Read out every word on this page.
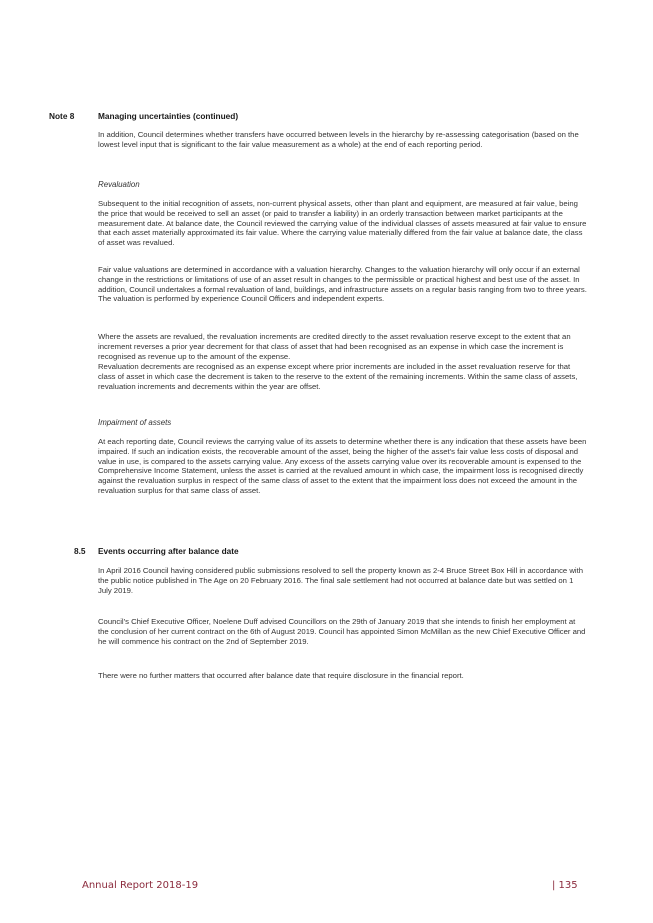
Note 8	Managing uncertainties (continued)

In addition, Council determines whether transfers have occurred between levels in the hierarchy by re-assessing categorisation (based on the lowest level input that is significant to the fair value measurement as a whole) at the end of each reporting period.

Revaluation

Subsequent to the initial recognition of assets, non-current physical assets, other than plant and equipment, are measured at fair value, being the price that would be received to sell an asset (or paid to transfer a liability) in an orderly transaction between market participants at the measurement date. At balance date, the Council reviewed the carrying value of the individual classes of assets measured at fair value to ensure that each asset materially approximated its fair value. Where the carrying value materially differed from the fair value at balance date, the class of asset was revalued.

Fair value valuations are determined in accordance with a valuation hierarchy. Changes to the valuation hierarchy will only occur if an external change in the restrictions or limitations of use of an asset result in changes to the permissible or practical highest and best use of the asset. In addition, Council undertakes a formal revaluation of land, buildings, and infrastructure assets on a regular basis ranging from two to three years. The valuation is performed by experience Council Officers and independent experts.

Where the assets are revalued, the revaluation increments are credited directly to the asset revaluation reserve except to the extent that an increment reverses a prior year decrement for that class of asset that had been recognised as an expense in which case the increment is recognised as revenue up to the amount of the expense.

Revaluation decrements are recognised as an expense except where prior increments are included in the asset revaluation reserve for that class of asset in which case the decrement is taken to the reserve to the extent of the remaining increments. Within the same class of assets, revaluation increments and decrements within the year are offset.

Impairment of assets

At each reporting date, Council reviews the carrying value of its assets to determine whether there is any indication that these assets have been impaired. If such an indication exists, the recoverable amount of the asset, being the higher of the asset's fair value less costs of disposal and value in use, is compared to the assets carrying value. Any excess of the assets carrying value over its recoverable amount is expensed to the Comprehensive Income Statement, unless the asset is carried at the revalued amount in which case, the impairment loss is recognised directly against the revaluation surplus in respect of the same class of asset to the extent that the impairment loss does not exceed the amount in the revaluation surplus for that same class of asset.

8.5 Events occurring after balance date

In April 2016 Council having considered public submissions resolved to sell the property known as 2-4 Bruce Street Box Hill in accordance with the public notice published in The Age on 20 February 2016. The final sale settlement had not occurred at balance date but was settled on 1 July 2019.

Council's Chief Executive Officer, Noelene Duff advised Councillors on the 29th of January 2019 that she intends to finish her employment at the conclusion of her current contract on the 6th of August 2019. Council has appointed Simon McMillan as the new Chief Executive Officer and he will commence his contract on the 2nd of September 2019.

There were no further matters that occurred after balance date that require disclosure in the financial report.

Annual Report 2018-19	| 135
